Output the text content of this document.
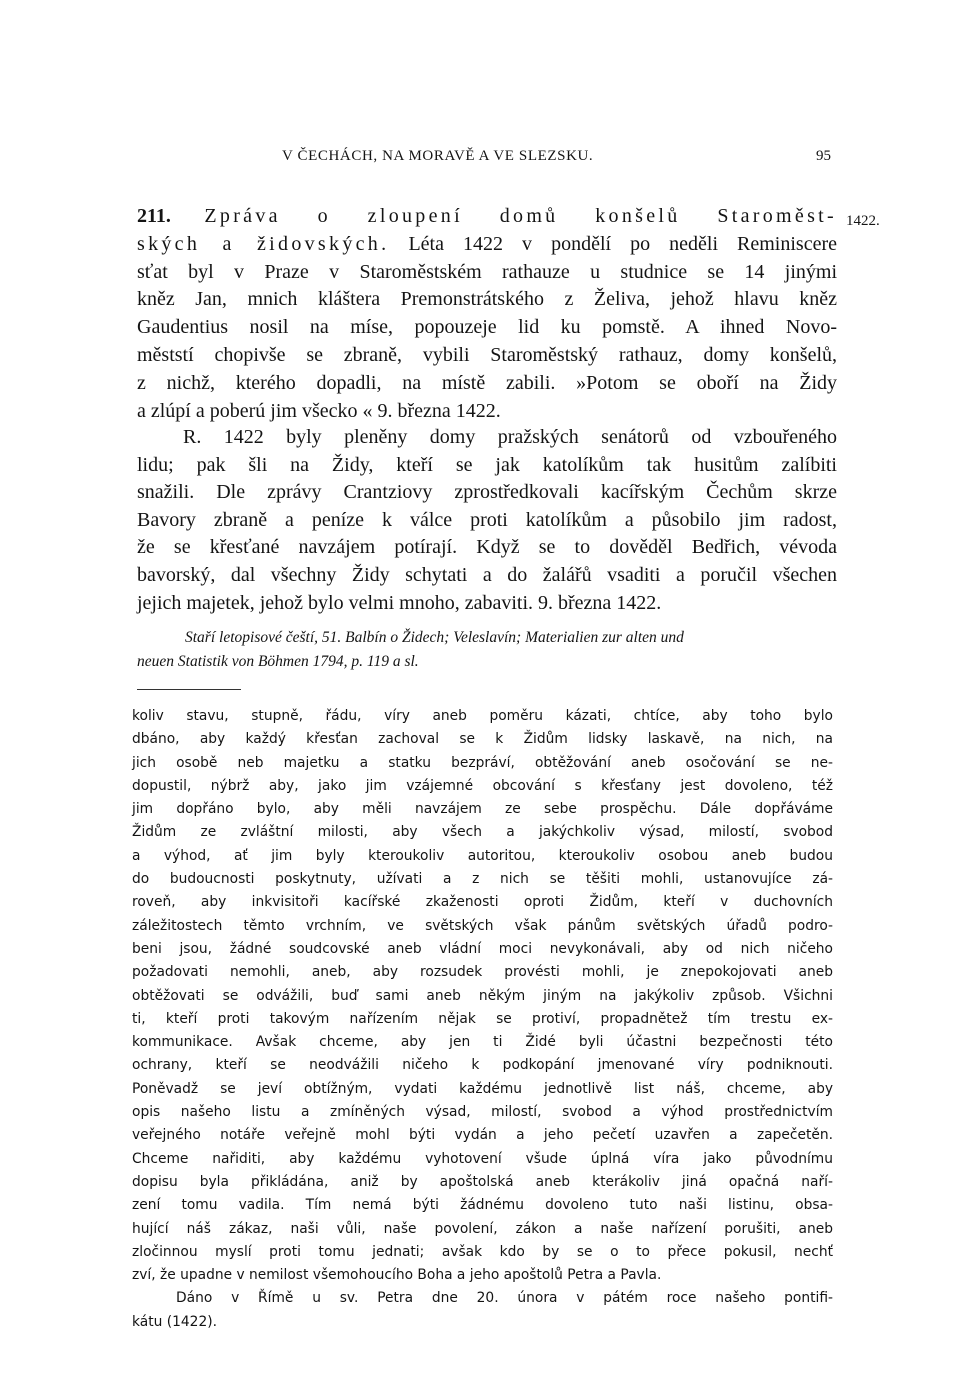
V ČECHÁCH, NA MORAVĚ A VE SLEZSKU.	95
1422.
211. Zpráva o zloupení domů konšelů Staroměst-
ských a židovských. Léta 1422 v pondělí po neděli Reminiscere
sťat byl v Praze v Staroměstském rathauze u studnice se 14 jinými
kněz Jan, mnich kláštera Premonstrátského z Želiva, jehož hlavu kněz
Gaudentius nosil na míse, popouzeje lid ku pomstě. A ihned Novo-
měststí chopivše se zbraně, vybili Staroměstský rathauz, domy konšelů,
z nichž, kterého dopadli, na místě zabili. »Potom se oboří na Židy
a zlúpí a poberú jim všecko « 9. března 1422.
R. 1422 byly pleněny domy pražských senátorů od vzbouřeného
lidu; pak šli na Židy, kteří se jak katolíkům tak husitům zalíbiti
snažili. Dle zprávy Crantziovy zprostředkovali kacířským Čechům skrze
Bavory zbraně a peníze k válce proti katolíkům a působilo jim radost,
že se křesťané navzájem potírají. Když se to dověděl Bedřich, vévoda
bavorský, dal všechny Židy schytati a do žalářů vsaditi a poručil všechen
jejich majetek, jehož bylo velmi mnoho, zabaviti. 9. března 1422.
Staří letopisové čeští, 51. Balbín o Židech; Veleslavín; Materialien zur alten und
neuen Statistik von Böhmen 1794, p. 119 a sl.
koliv stavu, stupně, řádu, víry aneb poměru kázati, chtíce, aby toho bylo
dbáno, aby každý křesťan zachoval se k Židům lidsky laskavě, na nich, na
jich osobě neb majetku a statku bezpráví, obtěžování aneb osočování se ne-
dopustil, nýbrž aby, jako jim vzájemné obcování s křesťany jest dovoleno, též
jim dopřáno bylo, aby měli navzájem ze sebe prospěchu. Dále dopřáváme
Židům ze zvláštní milosti, aby všech a jakýchkoliv výsad, milostí, svobod
a výhod, ať jim byly kteroukoliv autoritou, kteroukoliv osobou aneb budou
do budoucnosti poskytnuty, užívati a z nich se těšiti mohli, ustanovujíce zá-
roveň, aby inkvisitoři kacířské zkaženosti oproti Židům, kteří v duchovních
záležitostech těmto vrchním, ve světských však pánům světských úřadů podro-
beni jsou, žádné soudcovské aneb vládní moci nevykonávali, aby od nich ničeho
požadovati nemohli, aneb, aby rozsudek provésti mohli, je znepokojovati aneb
obtěžovati se odvážili, buď sami aneb někým jiným na jakýkoliv způsob. Všichni
ti, kteří proti takovým nařízením nějak se protiví, propadnětež tím trestu ex-
kommunikace. Avšak chceme, aby jen ti Židé byli účastni bezpečnosti této
ochrany, kteří se neodvážili ničeho k podkopání jmenované víry podniknouti.
Poněvadž se jeví obtížným, vydati každému jednotlivě list náš, chceme, aby
opis našeho listu a zmíněných výsad, milostí, svobod a výhod prostřednictvím
veřejného notáře veřejně mohl býti vydán a jeho pečetí uzavřen a zapečetěn.
Chceme nařiditi, aby každému vyhotovení všude úplná víra jako původnímu
dopisu byla přikládána, aniž by apoštolská aneb kterákoliv jiná opačná naří-
zení tomu vadila. Tím nemá býti žádnému dovoleno tuto naši listinu, obsa-
hující náš zákaz, naši vůli, naše povolení, zákon a naše nařízení porušiti, aneb
zločinnou myslí proti tomu jednati; avšak kdo by se o to přece pokusil, nechť
zví, že upadne v nemilost všemohoucího Boha a jeho apoštolů Petra a Pavla.
Dáno v Římě u sv. Petra dne 20. února v pátém roce našeho pontifi-
kátu (1422).
